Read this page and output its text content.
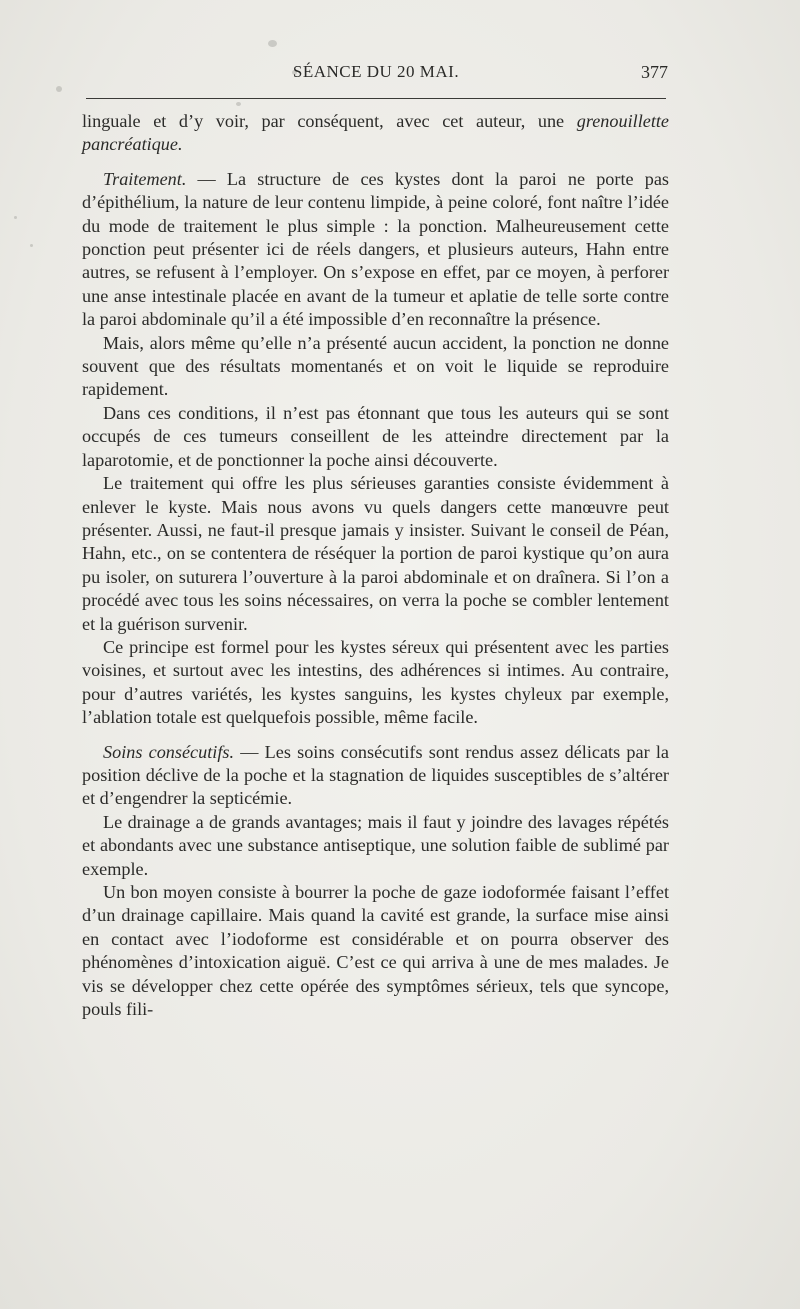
SÉANCE DU 20 MAI.	377

linguale et d’y voir, par conséquent, avec cet auteur, une grenouillette pancréatique.

Traitement. — La structure de ces kystes dont la paroi ne porte pas d’épithélium, la nature de leur contenu limpide, à peine coloré, font naître l’idée du mode de traitement le plus simple : la ponction. Malheureusement cette ponction peut présenter ici de réels dangers, et plusieurs auteurs, Hahn entre autres, se refusent à l’employer. On s’expose en effet, par ce moyen, à perforer une anse intestinale placée en avant de la tumeur et aplatie de telle sorte contre la paroi abdominale qu’il a été impossible d’en reconnaître la présence.

Mais, alors même qu’elle n’a présenté aucun accident, la ponction ne donne souvent que des résultats momentanés et on voit le liquide se reproduire rapidement.

Dans ces conditions, il n’est pas étonnant que tous les auteurs qui se sont occupés de ces tumeurs conseillent de les atteindre directement par la laparotomie, et de ponctionner la poche ainsi découverte.

Le traitement qui offre les plus sérieuses garanties consiste évidemment à enlever le kyste. Mais nous avons vu quels dangers cette manœuvre peut présenter. Aussi, ne faut-il presque jamais y insister. Suivant le conseil de Péan, Hahn, etc., on se contentera de réséquer la portion de paroi kystique qu’on aura pu isoler, on suturera l’ouverture à la paroi abdominale et on draînera. Si l’on a procédé avec tous les soins nécessaires, on verra la poche se combler lentement et la guérison survenir.

Ce principe est formel pour les kystes séreux qui présentent avec les parties voisines, et surtout avec les intestins, des adhérences si intimes. Au contraire, pour d’autres variétés, les kystes sanguins, les kystes chyleux par exemple, l’ablation totale est quelquefois possible, même facile.

Soins consécutifs. — Les soins consécutifs sont rendus assez délicats par la position déclive de la poche et la stagnation de liquides susceptibles de s’altérer et d’engendrer la septicémie.

Le drainage a de grands avantages; mais il faut y joindre des lavages répétés et abondants avec une substance antiseptique, une solution faible de sublimé par exemple.

Un bon moyen consiste à bourrer la poche de gaze iodoformée faisant l’effet d’un drainage capillaire. Mais quand la cavité est grande, la surface mise ainsi en contact avec l’iodoforme est considérable et on pourra observer des phénomènes d’intoxication aiguë. C’est ce qui arriva à une de mes malades. Je vis se développer chez cette opérée des symptômes sérieux, tels que syncope, pouls fili-
